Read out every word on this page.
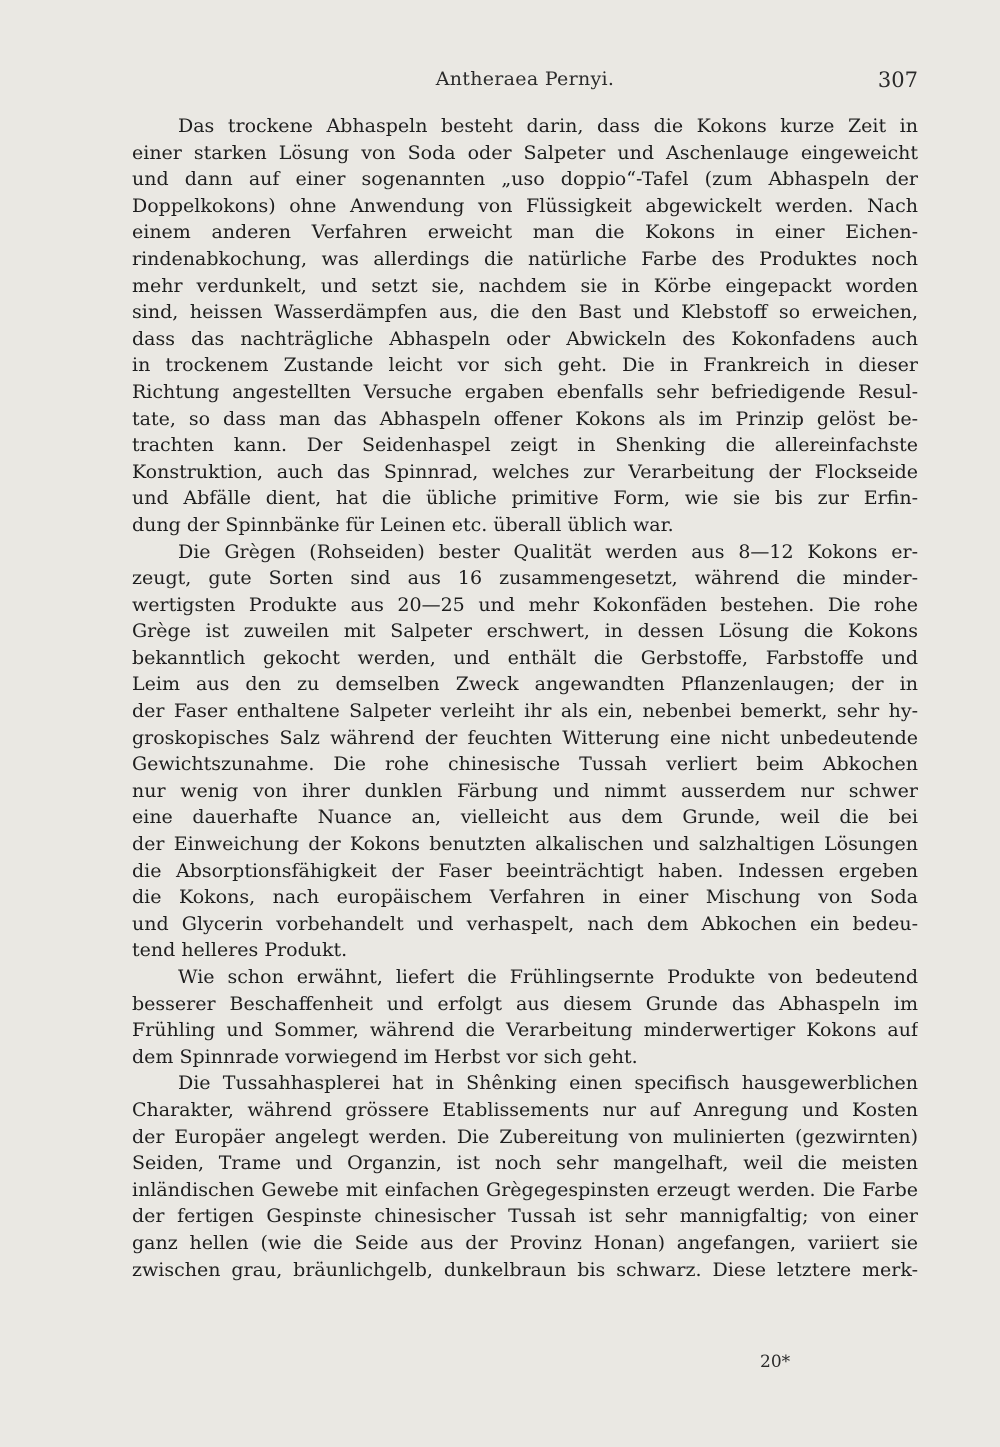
Antheraea Pernyi.	307
Das trockene Abhaspeln besteht darin, dass die Kokons kurze Zeit in
einer starken Lösung von Soda oder Salpeter und Aschenlauge eingeweicht
und dann auf einer sogenannten „uso doppio“-Tafel (zum Abhaspeln der
Doppelkokons) ohne Anwendung von Flüssigkeit abgewickelt werden. Nach
einem anderen Verfahren erweicht man die Kokons in einer Eichen-
rindenabkochung, was allerdings die natürliche Farbe des Produktes noch
mehr verdunkelt, und setzt sie, nachdem sie in Körbe eingepackt worden
sind, heissen Wasserdämpfen aus, die den Bast und Klebstoff so erweichen,
dass das nachträgliche Abhaspeln oder Abwickeln des Kokonfadens auch
in trockenem Zustande leicht vor sich geht. Die in Frankreich in dieser
Richtung angestellten Versuche ergaben ebenfalls sehr befriedigende Resul-
tate, so dass man das Abhaspeln offener Kokons als im Prinzip gelöst be-
trachten kann. Der Seidenhaspel zeigt in Shenking die allereinfachste
Konstruktion, auch das Spinnrad, welches zur Verarbeitung der Flockseide
und Abfälle dient, hat die übliche primitive Form, wie sie bis zur Erfin-
dung der Spinnbänke für Leinen etc. überall üblich war.
Die Grègen (Rohseiden) bester Qualität werden aus 8—12 Kokons er-
zeugt, gute Sorten sind aus 16 zusammengesetzt, während die minder-
wertigsten Produkte aus 20—25 und mehr Kokonfäden bestehen. Die rohe
Grège ist zuweilen mit Salpeter erschwert, in dessen Lösung die Kokons
bekanntlich gekocht werden, und enthält die Gerbstoffe, Farbstoffe und
Leim aus den zu demselben Zweck angewandten Pflanzenlaugen; der in
der Faser enthaltene Salpeter verleiht ihr als ein, nebenbei bemerkt, sehr hy-
groskopisches Salz während der feuchten Witterung eine nicht unbedeutende
Gewichtszunahme. Die rohe chinesische Tussah verliert beim Abkochen
nur wenig von ihrer dunklen Färbung und nimmt ausserdem nur schwer
eine dauerhafte Nuance an, vielleicht aus dem Grunde, weil die bei
der Einweichung der Kokons benutzten alkalischen und salzhaltigen Lösungen
die Absorptionsfähigkeit der Faser beeinträchtigt haben. Indessen ergeben
die Kokons, nach europäischem Verfahren in einer Mischung von Soda
und Glycerin vorbehandelt und verhaspelt, nach dem Abkochen ein bedeu-
tend helleres Produkt.
Wie schon erwähnt, liefert die Frühlingsernte Produkte von bedeutend
besserer Beschaffenheit und erfolgt aus diesem Grunde das Abhaspeln im
Frühling und Sommer, während die Verarbeitung minderwertiger Kokons auf
dem Spinnrade vorwiegend im Herbst vor sich geht.
Die Tussahhasplerei hat in Shênking einen specifisch hausgewerblichen
Charakter, während grössere Etablissements nur auf Anregung und Kosten
der Europäer angelegt werden. Die Zubereitung von mulinierten (gezwirnten)
Seiden, Trame und Organzin, ist noch sehr mangelhaft, weil die meisten
inländischen Gewebe mit einfachen Grègegespinsten erzeugt werden. Die Farbe
der fertigen Gespinste chinesischer Tussah ist sehr mannigfaltig; von einer
ganz hellen (wie die Seide aus der Provinz Honan) angefangen, variiert sie
zwischen grau, bräunlichgelb, dunkelbraun bis schwarz. Diese letztere merk-
20*
